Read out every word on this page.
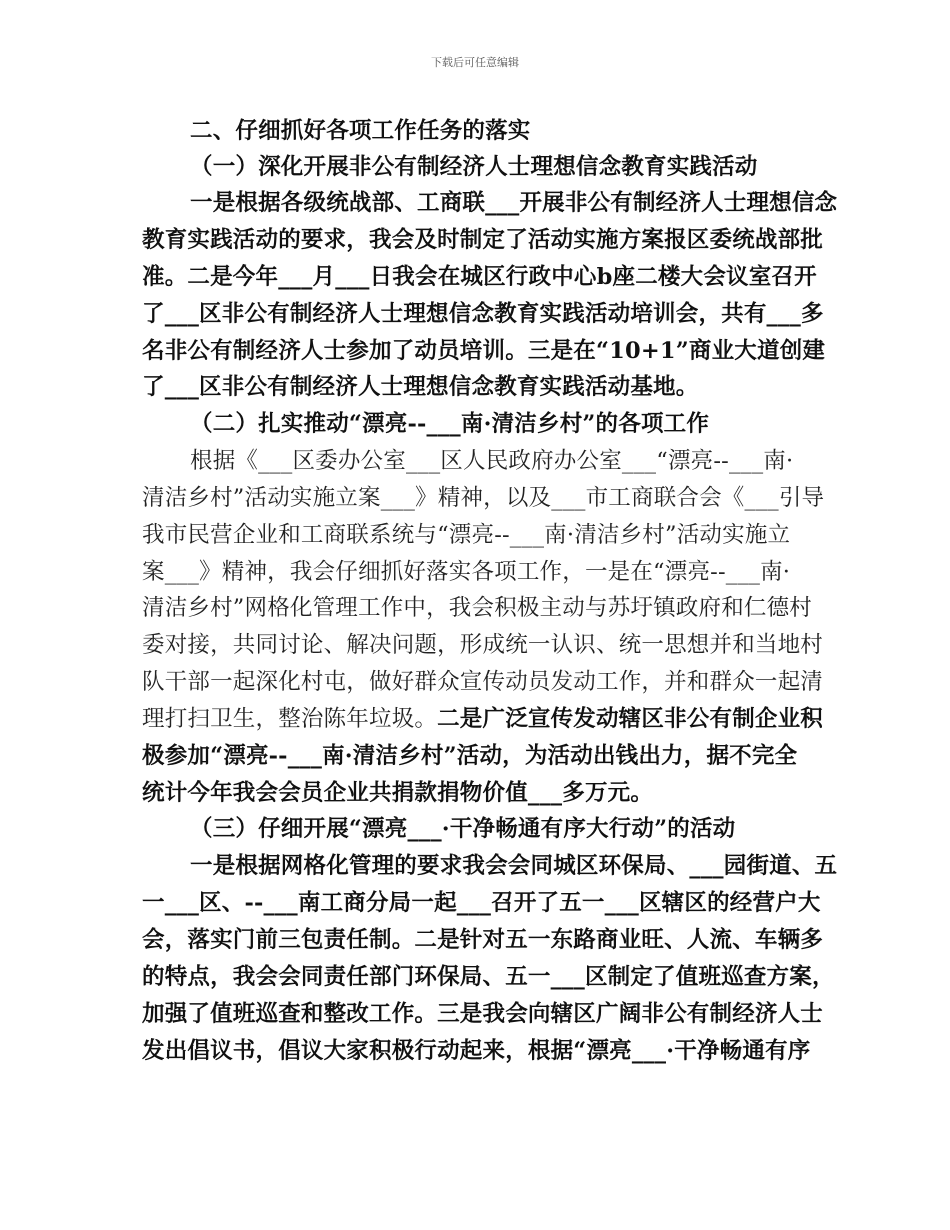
下载后可任意编辑
二、仔细抓好各项工作任务的落实
（一）深化开展非公有制经济人士理想信念教育实践活动
一是根据各级统战部、工商联___开展非公有制经济人士理想信念
教育实践活动的要求，我会及时制定了活动实施方案报区委统战部批
准。二是今年___月___日我会在城区行政中心b座二楼大会议室召开
了___区非公有制经济人士理想信念教育实践活动培训会，共有___多
名非公有制经济人士参加了动员培训。三是在“10+1”商业大道创建
了___区非公有制经济人士理想信念教育实践活动基地。
（二）扎实推动“漂亮--___南·清洁乡村”的各项工作
根据《___区委办公室___区人民政府办公室___“漂亮--___南·
清洁乡村”活动实施立案___》精神，以及___市工商联合会《___引导
我市民营企业和工商联系统与“漂亮--___南·清洁乡村”活动实施立
案___》精神，我会仔细抓好落实各项工作，一是在“漂亮--___南·
清洁乡村”网格化管理工作中，我会积极主动与苏圩镇政府和仁德村
委对接，共同讨论、解决问题，形成统一认识、统一思想并和当地村
队干部一起深化村屯，做好群众宣传动员发动工作，并和群众一起清
理打扫卫生，整治陈年垃圾。二是广泛宣传发动辖区非公有制企业积
极参加“漂亮--___南·清洁乡村”活动，为活动出钱出力，据不完全
统计今年我会会员企业共捐款捐物价值___多万元。
（三）仔细开展“漂亮___·干净畅通有序大行动”的活动
一是根据网格化管理的要求我会会同城区环保局、___园街道、五
一___区、--___南工商分局一起___召开了五一___区辖区的经营户大
会，落实门前三包责任制。二是针对五一东路商业旺、人流、车辆多
的特点，我会会同责任部门环保局、五一___区制定了值班巡查方案，
加强了值班巡查和整改工作。三是我会向辖区广阔非公有制经济人士
发出倡议书，倡议大家积极行动起来，根据“漂亮___·干净畅通有序
